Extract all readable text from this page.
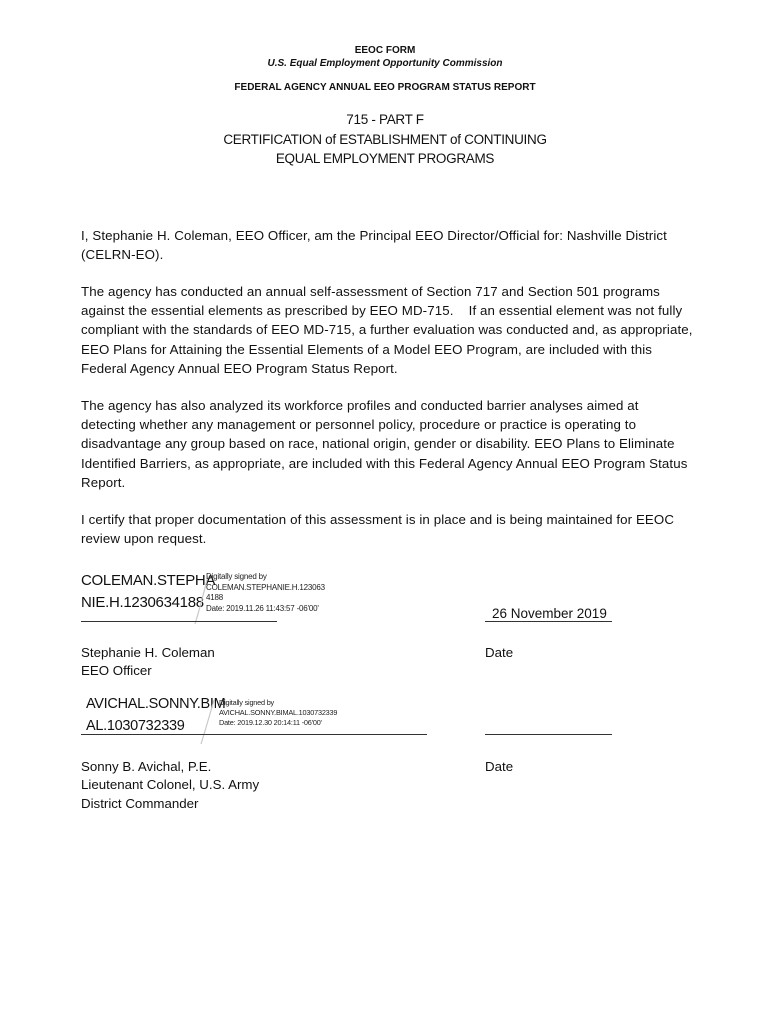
EEOC FORM
U.S. Equal Employment Opportunity Commission
FEDERAL AGENCY ANNUAL EEO PROGRAM STATUS REPORT
715 - PART F
CERTIFICATION of ESTABLISHMENT of CONTINUING
EQUAL EMPLOYMENT PROGRAMS

I, Stephanie H. Coleman, EEO Officer, am the Principal EEO Director/Official for: Nashville District (CELRN-EO).

The agency has conducted an annual self-assessment of Section 717 and Section 501 programs against the essential elements as prescribed by EEO MD-715.    If an essential element was not fully compliant with the standards of EEO MD-715, a further evaluation was conducted and, as appropriate, EEO Plans for Attaining the Essential Elements of a Model EEO Program, are included with this Federal Agency Annual EEO Program Status Report.

The agency has also analyzed its workforce profiles and conducted barrier analyses aimed at detecting whether any management or personnel policy, procedure or practice is operating to disadvantage any group based on race, national origin, gender or disability. EEO Plans to Eliminate Identified Barriers, as appropriate, are included with this Federal Agency Annual EEO Program Status Report.

I certify that proper documentation of this assessment is in place and is being maintained for EEOC review upon request.

COLEMAN.STEPHA
NIE.H.1230634188
Digitally signed by
COLEMAN.STEPHANIE.H.123063
4188
Date: 2019.11.26 11:43:57 -06'00'	26 November 2019
Stephanie H. Coleman
EEO Officer
Date
AVICHAL.SONNY.BIM
AL.1030732339
Digitally signed by
AVICHAL.SONNY.BIMAL.1030732339
Date: 2019.12.30 20:14:11 -06'00'
Sonny B. Avichal, P.E.
Lieutenant Colonel, U.S. Army
District Commander
Date
